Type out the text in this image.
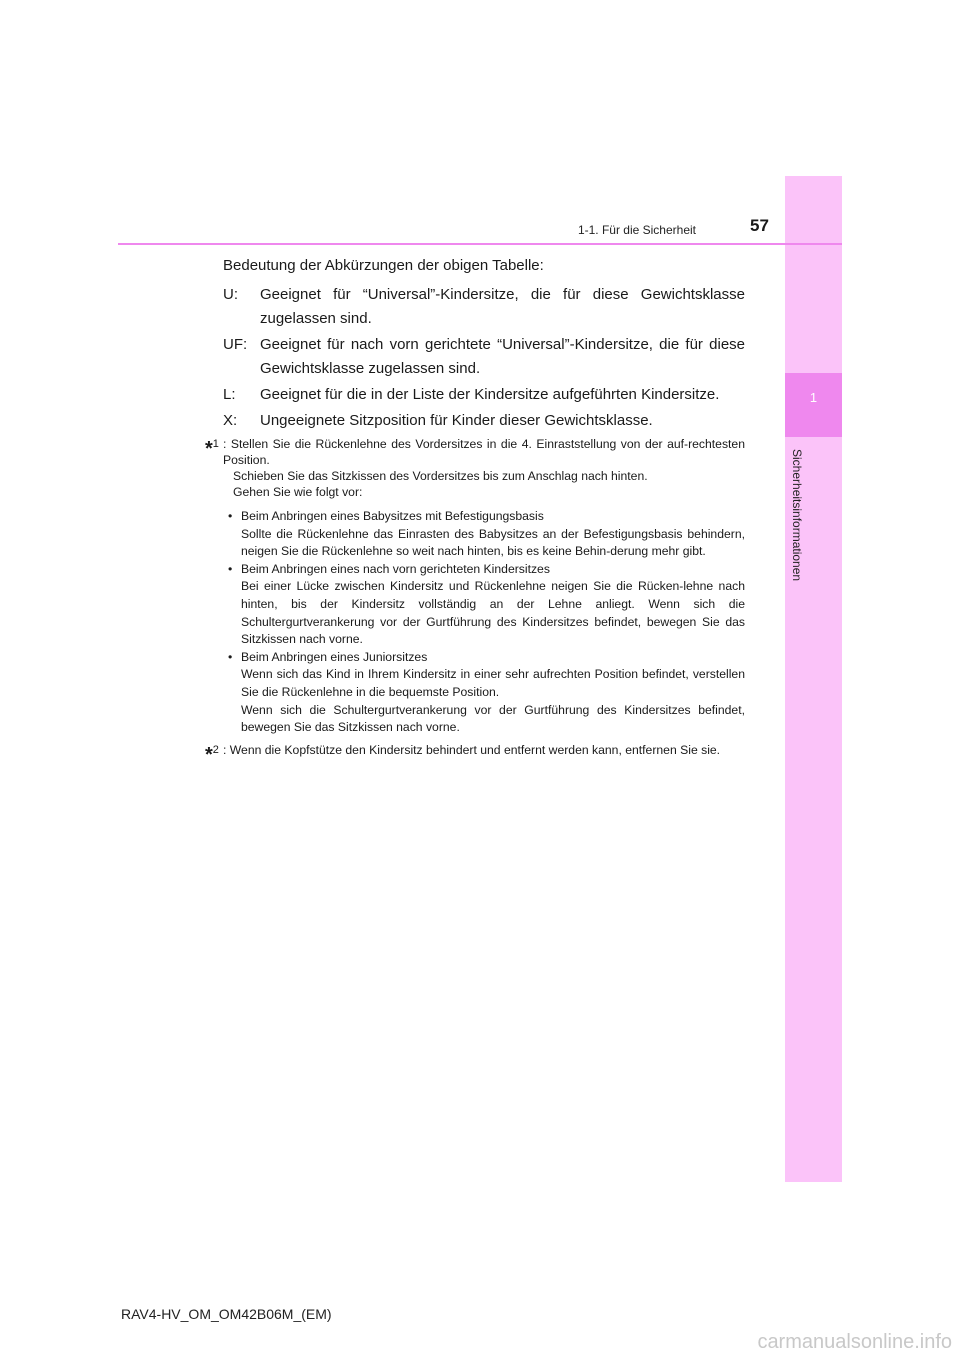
1
Sicherheitsinformationen
1-1. Für die Sicherheit	57
Bedeutung der Abkürzungen der obigen Tabelle:
U:	Geeignet für “Universal”-Kindersitze, die für diese Gewichtsklasse zugelassen sind.
UF: Geeignet für nach vorn gerichtete “Universal”-Kindersitze, die für diese Gewichtsklasse zugelassen sind.
L:	Geeignet für die in der Liste der Kindersitze aufgeführten Kindersitze.
X:	Ungeeignete Sitzposition für Kinder dieser Gewichtsklasse.
*1 : Stellen Sie die Rückenlehne des Vordersitzes in die 4. Einraststellung von der auf-rechtesten Position.
Schieben Sie das Sitzkissen des Vordersitzes bis zum Anschlag nach hinten.
Gehen Sie wie folgt vor:
• Beim Anbringen eines Babysitzes mit Befestigungsbasis
Sollte die Rückenlehne das Einrasten des Babysitzes an der Befestigungsbasis behindern, neigen Sie die Rückenlehne so weit nach hinten, bis es keine Behin-derung mehr gibt.
• Beim Anbringen eines nach vorn gerichteten Kindersitzes
Bei einer Lücke zwischen Kindersitz und Rückenlehne neigen Sie die Rücken-lehne nach hinten, bis der Kindersitz vollständig an der Lehne anliegt. Wenn sich die Schultergurtverankerung vor der Gurtführung des Kindersitzes befindet, bewegen Sie das Sitzkissen nach vorne.
• Beim Anbringen eines Juniorsitzes
Wenn sich das Kind in Ihrem Kindersitz in einer sehr aufrechten Position befindet, verstellen Sie die Rückenlehne in die bequemste Position.
Wenn sich die Schultergurtverankerung vor der Gurtführung des Kindersitzes befindet, bewegen Sie das Sitzkissen nach vorne.
*2 : Wenn die Kopfstütze den Kindersitz behindert und entfernt werden kann, entfernen Sie sie.
RAV4-HV_OM_OM42B06M_(EM)
carmanualsonline.info
